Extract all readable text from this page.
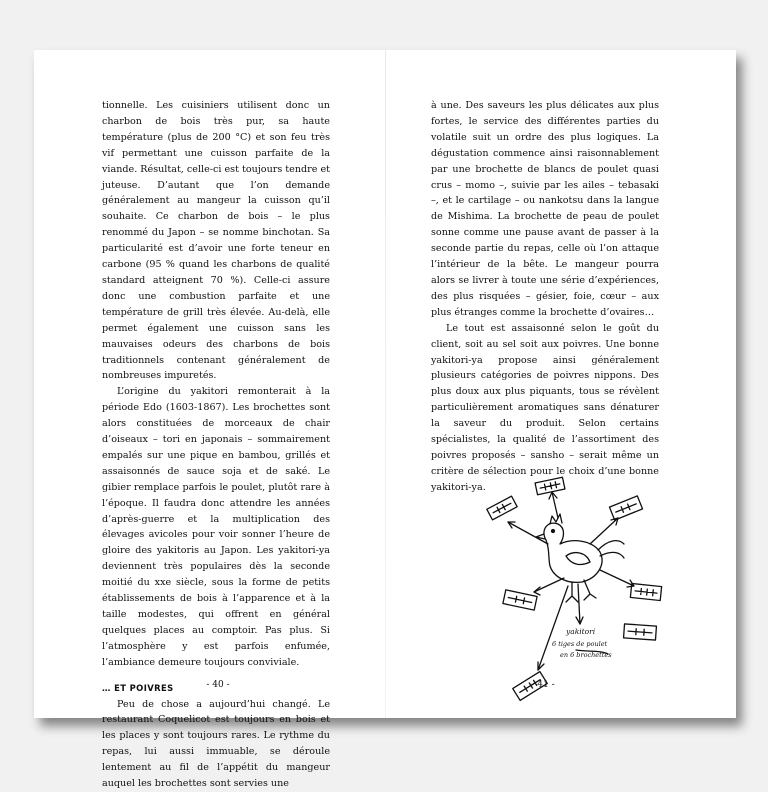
tionnelle. Les cuisiniers utilisent donc un charbon de bois très pur, sa haute température (plus de 200 °C) et son feu très vif permettant une cuisson parfaite de la viande. Résultat, celle-ci est toujours tendre et juteuse. D’autant que l’on demande généralement au mangeur la cuisson qu’il souhaite. Ce charbon de bois – le plus renommé du Japon – se nomme binchotan. Sa particularité est d’avoir une forte teneur en carbone (95 % quand les charbons de qualité standard atteignent 70 %). Celle-ci assure donc une combustion parfaite et une température de grill très élevée. Au-delà, elle permet également une cuisson sans les mauvaises odeurs des charbons de bois traditionnels contenant généralement de nombreuses impuretés.

L’origine du yakitori remonterait à la période Edo (1603-1867). Les brochettes sont alors constituées de morceaux de chair d’oiseaux – tori en japonais – sommairement empalés sur une pique en bambou, grillés et assaisonnés de sauce soja et de saké. Le gibier remplace parfois le poulet, plutôt rare à l’époque. Il faudra donc attendre les années d’après-guerre et la multiplication des élevages avicoles pour voir sonner l’heure de gloire des yakitoris au Japon. Les yakitori-ya deviennent très populaires dès la seconde moitié du xxe siècle, sous la forme de petits établissements de bois à l’apparence et à la taille modestes, qui offrent en général quelques places au comptoir. Pas plus. Si l’atmosphère y est parfois enfumée, l’ambiance demeure toujours conviviale.

… ET POIVRES

Peu de chose a aujourd’hui changé. Le restaurant Coquelicot est toujours en bois et les places y sont toujours rares. Le rythme du repas, lui aussi immuable, se déroule lentement au fil de l’appétit du mangeur auquel les brochettes sont servies une

à une. Des saveurs les plus délicates aux plus fortes, le service des différentes parties du volatile suit un ordre des plus logiques. La dégustation commence ainsi raisonnablement par une brochette de blancs de poulet quasi crus – momo –, suivie par les ailes – tebasaki –, et le cartilage – ou nankotsu dans la langue de Mishima. La brochette de peau de poulet sonne comme une pause avant de passer à la seconde partie du repas, celle où l’on attaque l’intérieur de la bête. Le mangeur pourra alors se livrer à toute une série d’expériences, des plus risquées – gésier, foie, cœur – aux plus étranges comme la brochette d’ovaires…

Le tout est assaisonné selon le goût du client, soit au sel soit aux poivres. Une bonne yakitori-ya propose ainsi généralement plusieurs catégories de poivres nippons. Des plus doux aux plus piquants, tous se révèlent particulièrement aromatiques sans dénaturer la saveur du produit. Selon certains spécialistes, la qualité de l’assortiment des poivres proposés – sansho – serait même un critère de sélection pour le choix d’une bonne yakitori-ya.

- 40 -	- 41 -
yakitori
6 tiges de poulet
en 6 brochettes
